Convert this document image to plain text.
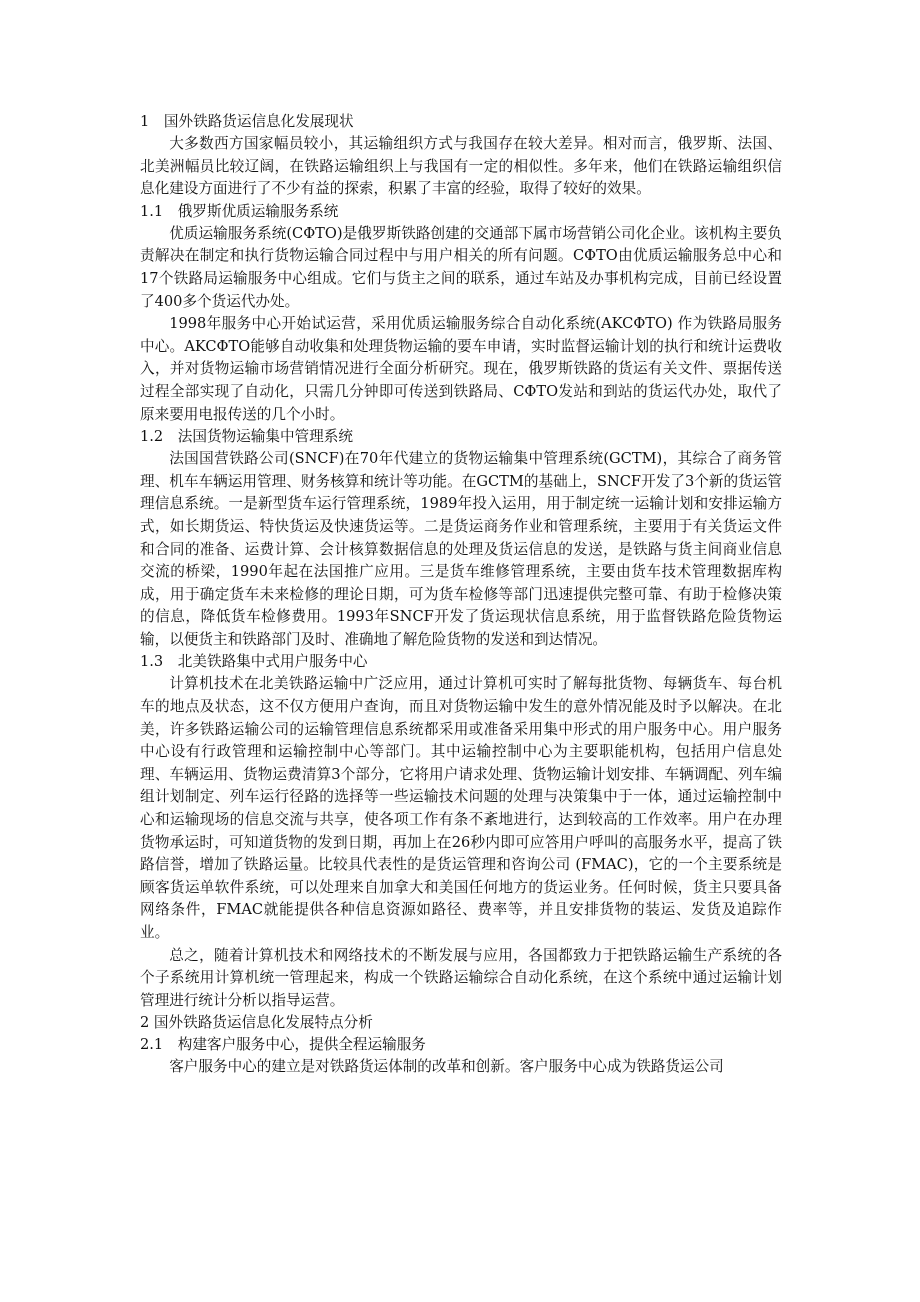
1　国外铁路货运信息化发展现状

大多数西方国家幅员较小，其运输组织方式与我国存在较大差异。相对而言，俄罗斯、法国、北美洲幅员比较辽阔，在铁路运输组织上与我国有一定的相似性。多年来，他们在铁路运输组织信息化建设方面进行了不少有益的探索，积累了丰富的经验，取得了较好的效果。

1.1　俄罗斯优质运输服务系统

优质运输服务系统(CΦTO)是俄罗斯铁路创建的交通部下属市场营销公司化企业。该机构主要负责解决在制定和执行货物运输合同过程中与用户相关的所有问题。CΦTO由优质运输服务总中心和17个铁路局运输服务中心组成。它们与货主之间的联系，通过车站及办事机构完成，目前已经设置了400多个货运代办处。

1998年服务中心开始试运营，采用优质运输服务综合自动化系统(AKCΦTO) 作为铁路局服务中心。AKCΦTO能够自动收集和处理货物运输的要车申请，实时监督运输计划的执行和统计运费收入，并对货物运输市场营销情况进行全面分析研究。现在，俄罗斯铁路的货运有关文件、票据传送过程全部实现了自动化，只需几分钟即可传送到铁路局、CΦTO发站和到站的货运代办处，取代了原来要用电报传送的几个小时。

1.2　法国货物运输集中管理系统

法国国营铁路公司(SNCF)在70年代建立的货物运输集中管理系统(GCTM)，其综合了商务管理、机车车辆运用管理、财务核算和统计等功能。在GCTM的基础上，SNCF开发了3个新的货运管理信息系统。一是新型货车运行管理系统，1989年投入运用，用于制定统一运输计划和安排运输方式，如长期货运、特快货运及快速货运等。二是货运商务作业和管理系统，主要用于有关货运文件和合同的准备、运费计算、会计核算数据信息的处理及货运信息的发送，是铁路与货主间商业信息交流的桥梁，1990年起在法国推广应用。三是货车维修管理系统，主要由货车技术管理数据库构成，用于确定货车未来检修的理论日期，可为货车检修等部门迅速提供完整可靠、有助于检修决策的信息，降低货车检修费用。1993年SNCF开发了货运现状信息系统，用于监督铁路危险货物运输，以便货主和铁路部门及时、准确地了解危险货物的发送和到达情况。

1.3　北美铁路集中式用户服务中心

计算机技术在北美铁路运输中广泛应用，通过计算机可实时了解每批货物、每辆货车、每台机车的地点及状态，这不仅方便用户查询，而且对货物运输中发生的意外情况能及时予以解决。在北美，许多铁路运输公司的运输管理信息系统都采用或准备采用集中形式的用户服务中心。用户服务中心设有行政管理和运输控制中心等部门。其中运输控制中心为主要职能机构，包括用户信息处理、车辆运用、货物运费清算3个部分，它将用户请求处理、货物运输计划安排、车辆调配、列车编组计划制定、列车运行径路的选择等一些运输技术问题的处理与决策集中于一体，通过运输控制中心和运输现场的信息交流与共享，使各项工作有条不紊地进行，达到较高的工作效率。用户在办理货物承运时，可知道货物的发到日期，再加上在26秒内即可应答用户呼叫的高服务水平，提高了铁路信誉，增加了铁路运量。比较具代表性的是货运管理和咨询公司 (FMAC)，它的一个主要系统是顾客货运单软件系统，可以处理来自加拿大和美国任何地方的货运业务。任何时候，货主只要具备网络条件，FMAC就能提供各种信息资源如路径、费率等，并且安排货物的装运、发货及追踪作业。

总之，随着计算机技术和网络技术的不断发展与应用，各国都致力于把铁路运输生产系统的各个子系统用计算机统一管理起来，构成一个铁路运输综合自动化系统，在这个系统中通过运输计划管理进行统计分析以指导运营。

2 国外铁路货运信息化发展特点分析

2.1　构建客户服务中心，提供全程运输服务

客户服务中心的建立是对铁路货运体制的改革和创新。客户服务中心成为铁路货运公司
